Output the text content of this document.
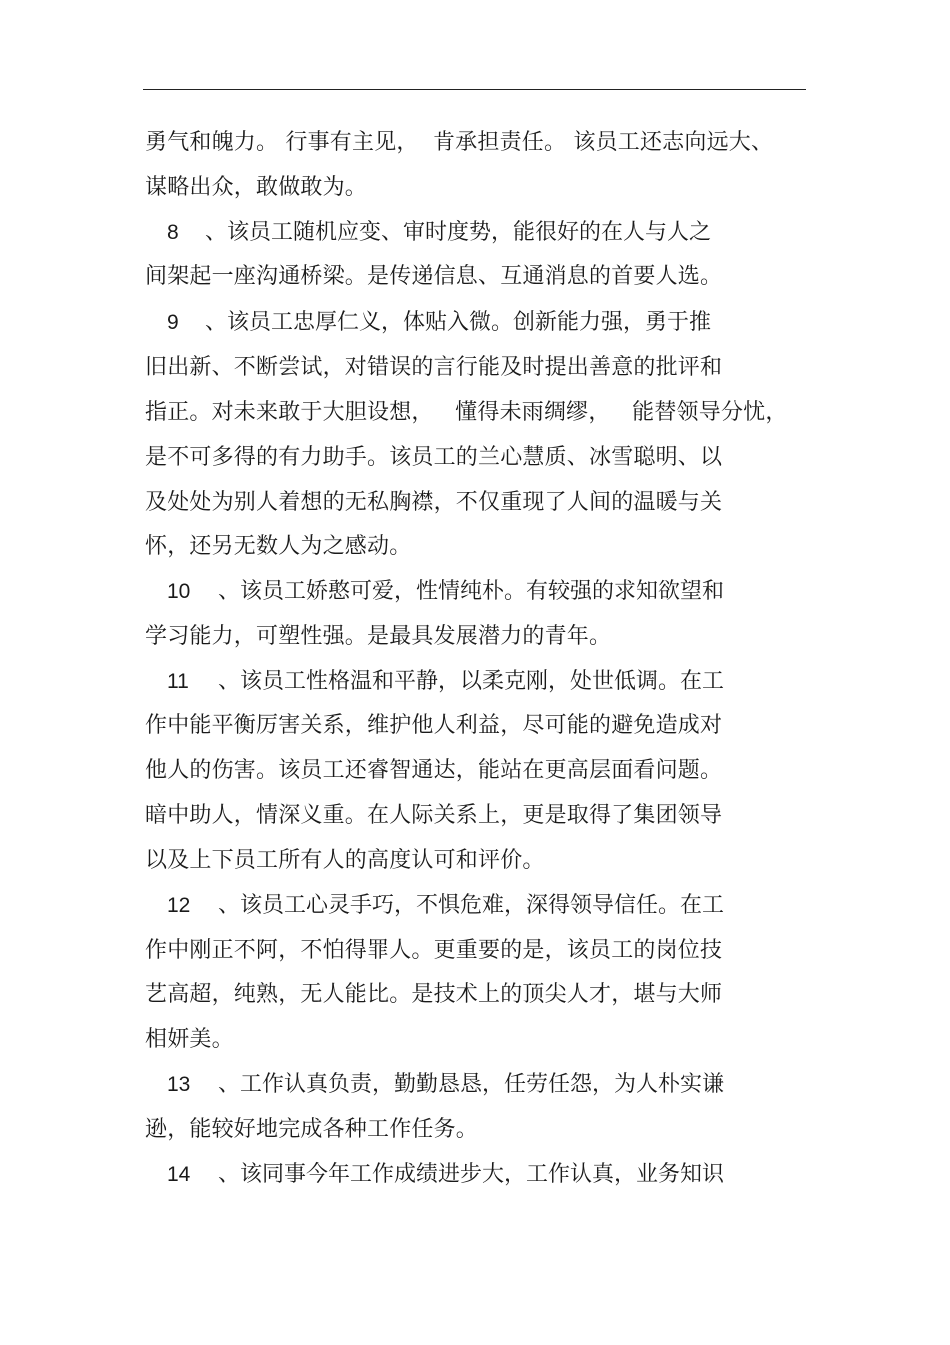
勇气和魄力。 行事有主见，  肯承担责任。 该员工还志向远大、
谋略出众，敢做敢为。
8 、该员工随机应变、审时度势，能很好的在人与人之
间架起一座沟通桥梁。是传递信息、互通消息的首要人选。
9 、该员工忠厚仁义，体贴入微。创新能力强，勇于推
旧出新、不断尝试，对错误的言行能及时提出善意的批评和
指正。对未来敢于大胆设想，   懂得未雨绸缪，   能替领导分忧，
是不可多得的有力助手。该员工的兰心慧质、冰雪聪明、以
及处处为别人着想的无私胸襟，不仅重现了人间的温暖与关
怀，还另无数人为之感动。
10 、该员工娇憨可爱，性情纯朴。有较强的求知欲望和
学习能力，可塑性强。是最具发展潜力的青年。
11 、该员工性格温和平静，以柔克刚，处世低调。在工
作中能平衡厉害关系，维护他人利益，尽可能的避免造成对
他人的伤害。该员工还睿智通达，能站在更高层面看问题。
暗中助人，情深义重。在人际关系上，更是取得了集团领导
以及上下员工所有人的高度认可和评价。
12 、该员工心灵手巧，不惧危难，深得领导信任。在工
作中刚正不阿，不怕得罪人。更重要的是，该员工的岗位技
艺高超，纯熟，无人能比。是技术上的顶尖人才，堪与大师
相妍美。
13 、工作认真负责，勤勤恳恳，任劳任怨，为人朴实谦
逊，能较好地完成各种工作任务。
14 、该同事今年工作成绩进步大，工作认真，业务知识
